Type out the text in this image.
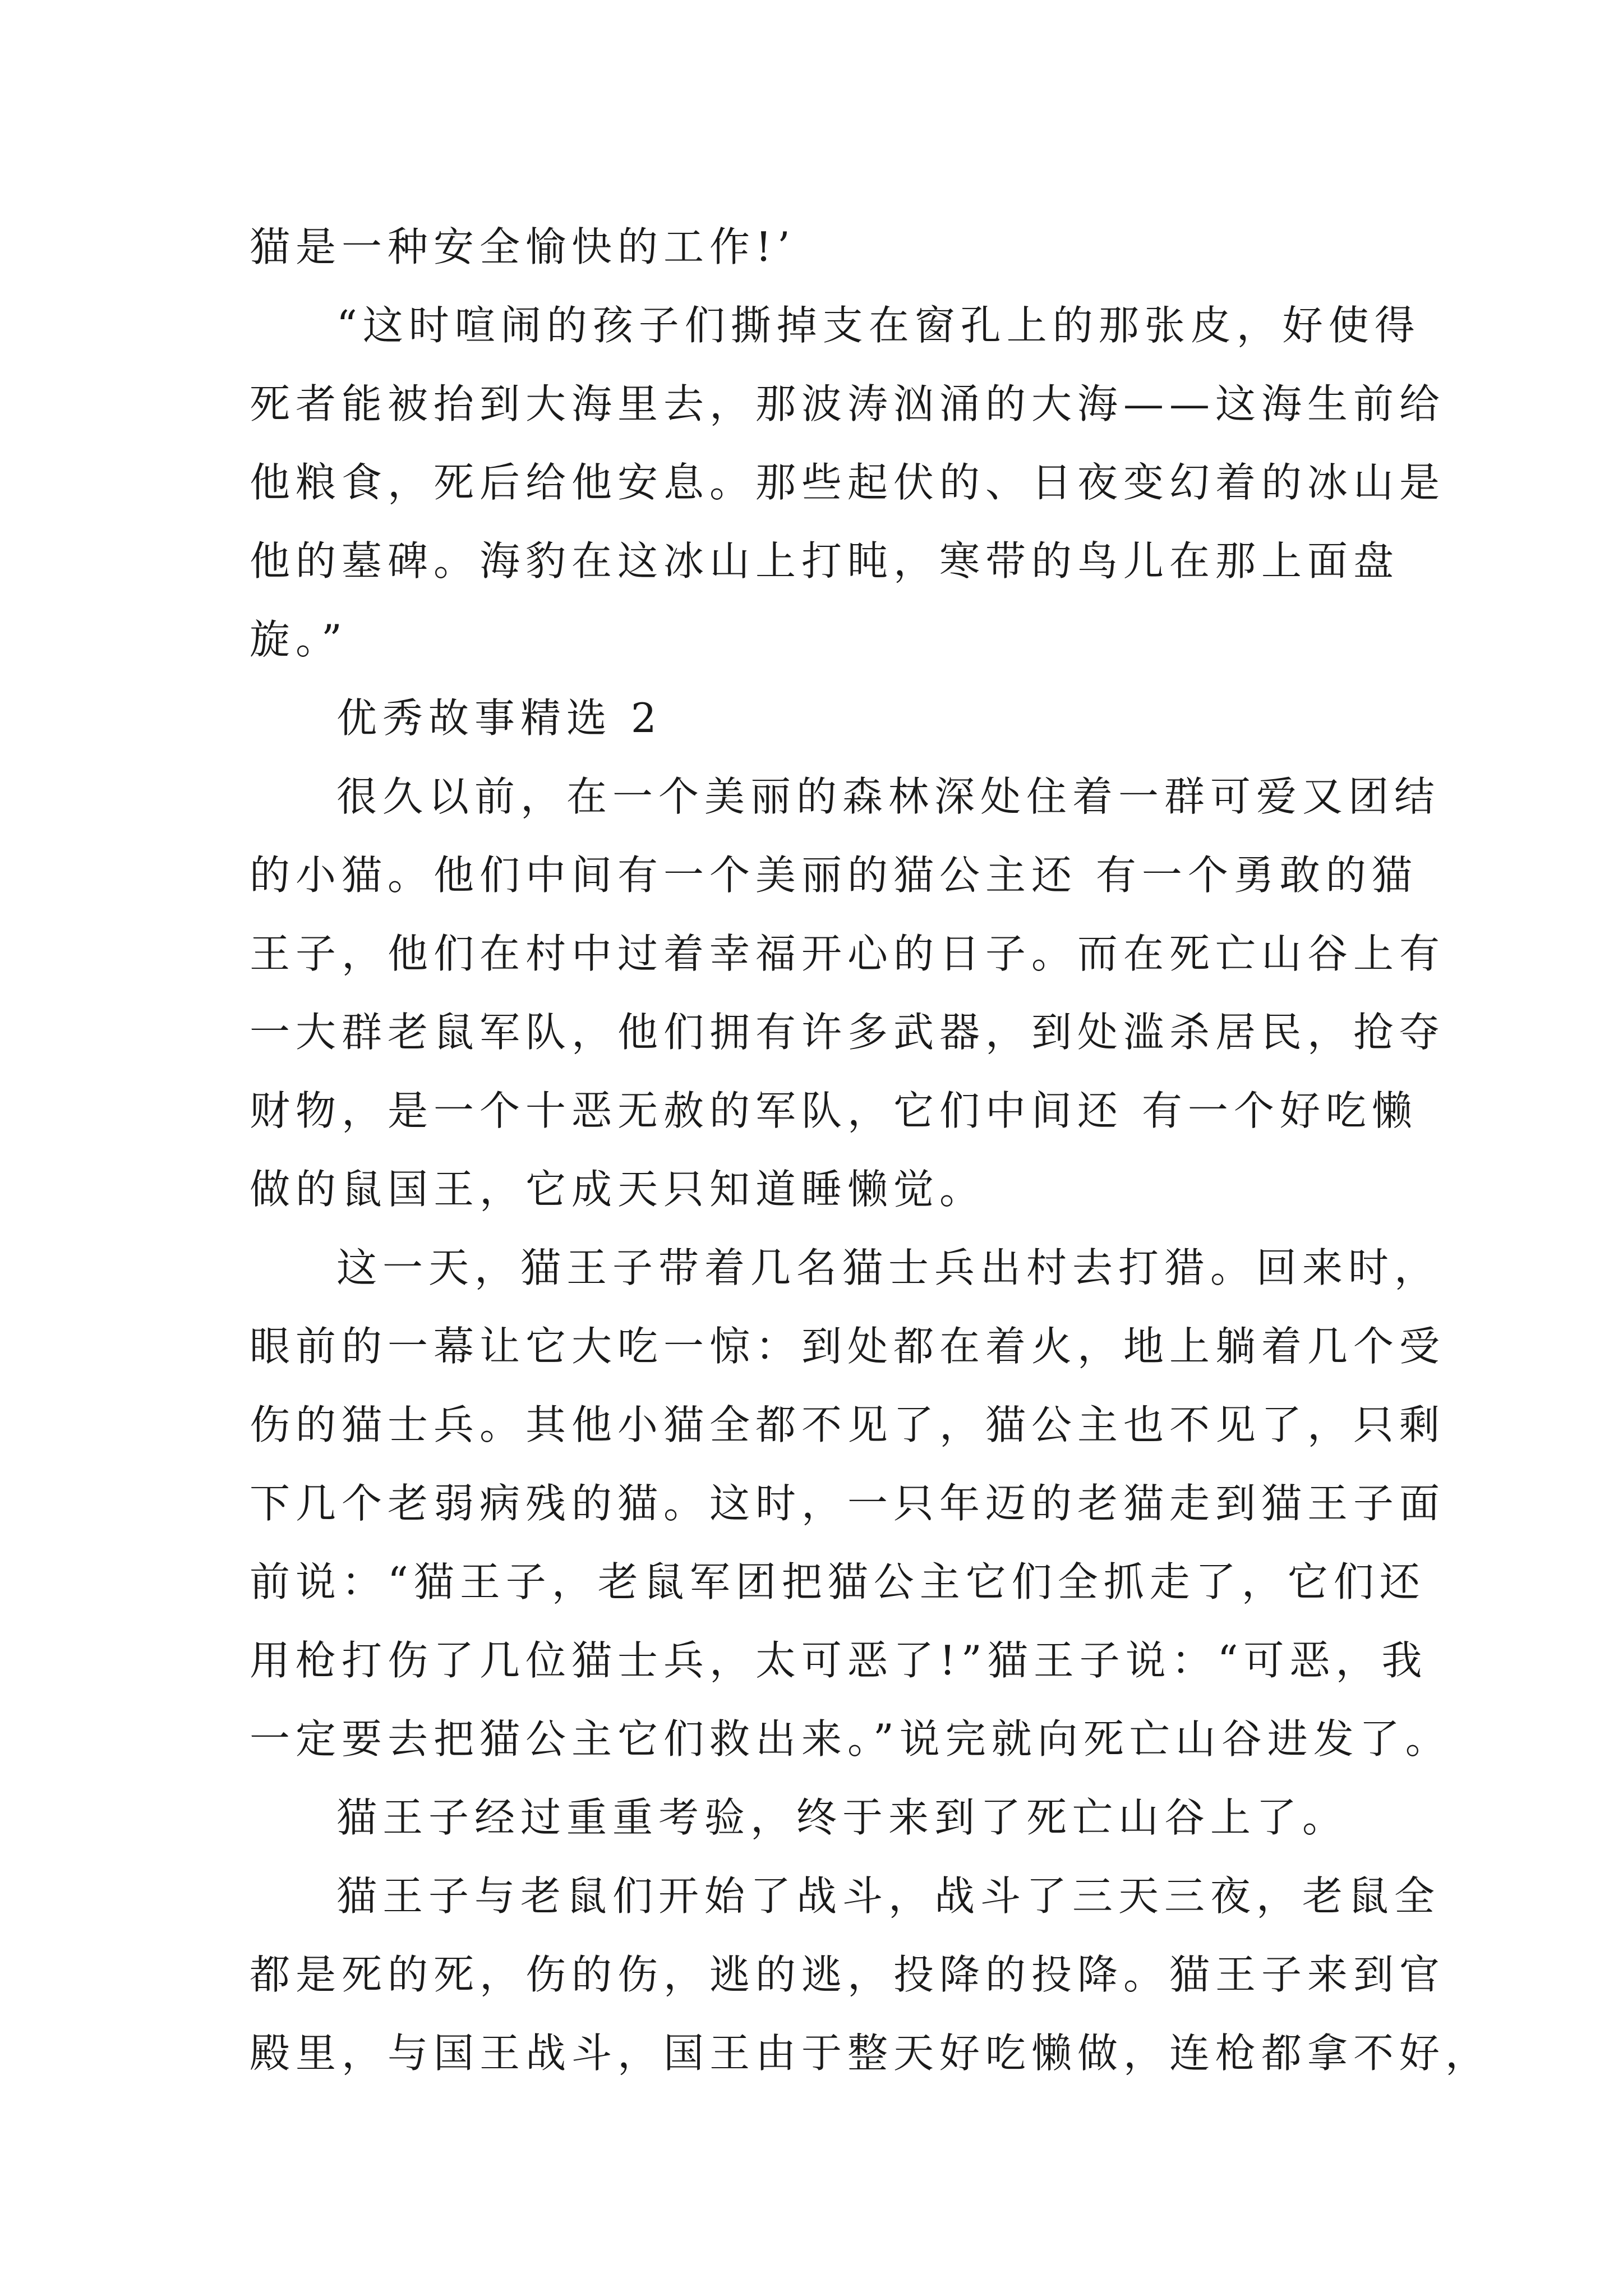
猫是一种安全愉快的工作!’
“这时喧闹的孩子们撕掉支在窗孔上的那张皮，好使得
死者能被抬到大海里去，那波涛汹涌的大海——这海生前给
他粮食，死后给他安息。那些起伏的、日夜变幻着的冰山是
他的墓碑。海豹在这冰山上打盹，寒带的鸟儿在那上面盘
旋。”
优秀故事精选 2
很久以前，在一个美丽的森林深处住着一群可爱又团结
的小猫。他们中间有一个美丽的猫公主还 有一个勇敢的猫
王子，他们在村中过着幸福开心的日子。而在死亡山谷上有
一大群老鼠军队，他们拥有许多武器，到处滥杀居民，抢夺
财物，是一个十恶无赦的军队，它们中间还 有一个好吃懒
做的鼠国王，它成天只知道睡懒觉。
这一天，猫王子带着几名猫士兵出村去打猎。回来时，
眼前的一幕让它大吃一惊：到处都在着火，地上躺着几个受
伤的猫士兵。其他小猫全都不见了，猫公主也不见了，只剩
下几个老弱病残的猫。这时，一只年迈的老猫走到猫王子面
前说：“猫王子，老鼠军团把猫公主它们全抓走了，它们还
用枪打伤了几位猫士兵，太可恶了!”猫王子说：“可恶，我
一定要去把猫公主它们救出来。”说完就向死亡山谷进发了。
猫王子经过重重考验，终于来到了死亡山谷上了。
猫王子与老鼠们开始了战斗，战斗了三天三夜，老鼠全
都是死的死，伤的伤，逃的逃，投降的投降。猫王子来到官
殿里，与国王战斗，国王由于整天好吃懒做，连枪都拿不好，
